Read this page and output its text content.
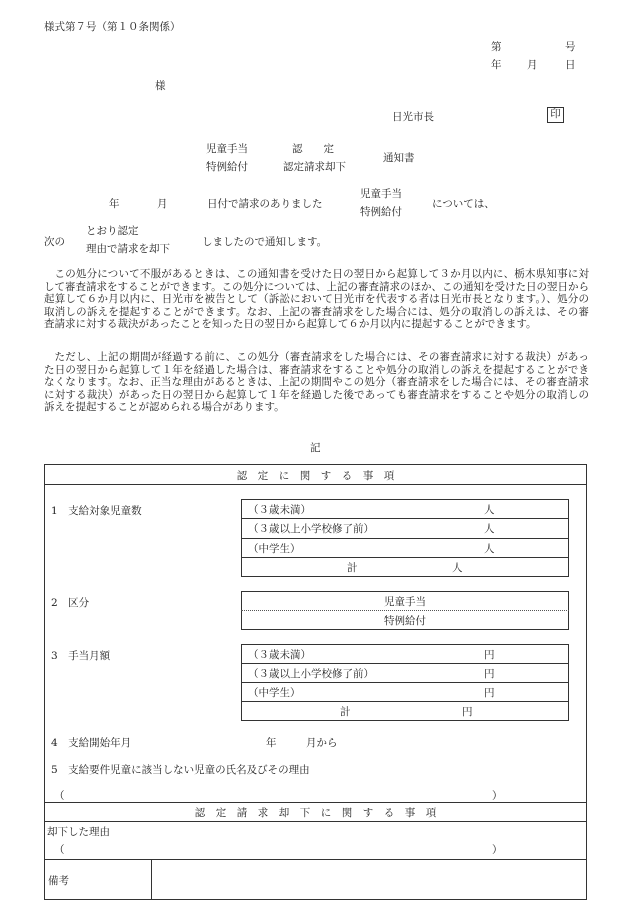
様式第７号（第１０条関係）
第	号
年 月	日
様
日光市長	印
児童手当
特例給付
認　　定
認定請求却下
通知書
年	月	日付で請求のありました
児童手当
特例給付
については、
次の
とおり認定
理由で請求を却下
しましたので通知します。
この処分について不服があるときは、この通知書を受けた日の翌日から起算して３か月以内に、栃木県知事に対して審査請求をすることができます。この処分については、上記の審査請求のほか、この通知を受けた日の翌日から起算して６か月以内に、日光市を被告として（訴訟において日光市を代表する者は日光市長となります。）、処分の取消しの訴えを提起することができます。なお、上記の審査請求をした場合には、処分の取消しの訴えは、その審査請求に対する裁決があったことを知った日の翌日から起算して６か月以内に提起することができます。
ただし、上記の期間が経過する前に、この処分（審査請求をした場合には、その審査請求に対する裁決）があった日の翌日から起算して１年を経過した場合は、審査請求をすることや処分の取消しの訴えを提起することができなくなります。なお、正当な理由があるときは、上記の期間やこの処分（審査請求をした場合には、その審査請求に対する裁決）があった日の翌日から起算して１年を経過した後であっても審査請求をすることや処分の取消しの訴えを提起することが認められる場合があります。
記
認　定　に　関　す　る　事　項
1　支給対象児童数	（３歳未満）	人
（３歳以上小学校修了前）	人
（中学生）	人
計	人
2　区分	児童手当
特例給付
3　手当月額	（３歳未満）	円
（３歳以上小学校修了前）	円
（中学生）	円
計	円
4　支給開始年月	年	月から
5　支給要件児童に該当しない児童の氏名及びその理由
（	）
認　定　請　求　却　下　に　関　す　る　事　項
却下した理由
（	）
備考
